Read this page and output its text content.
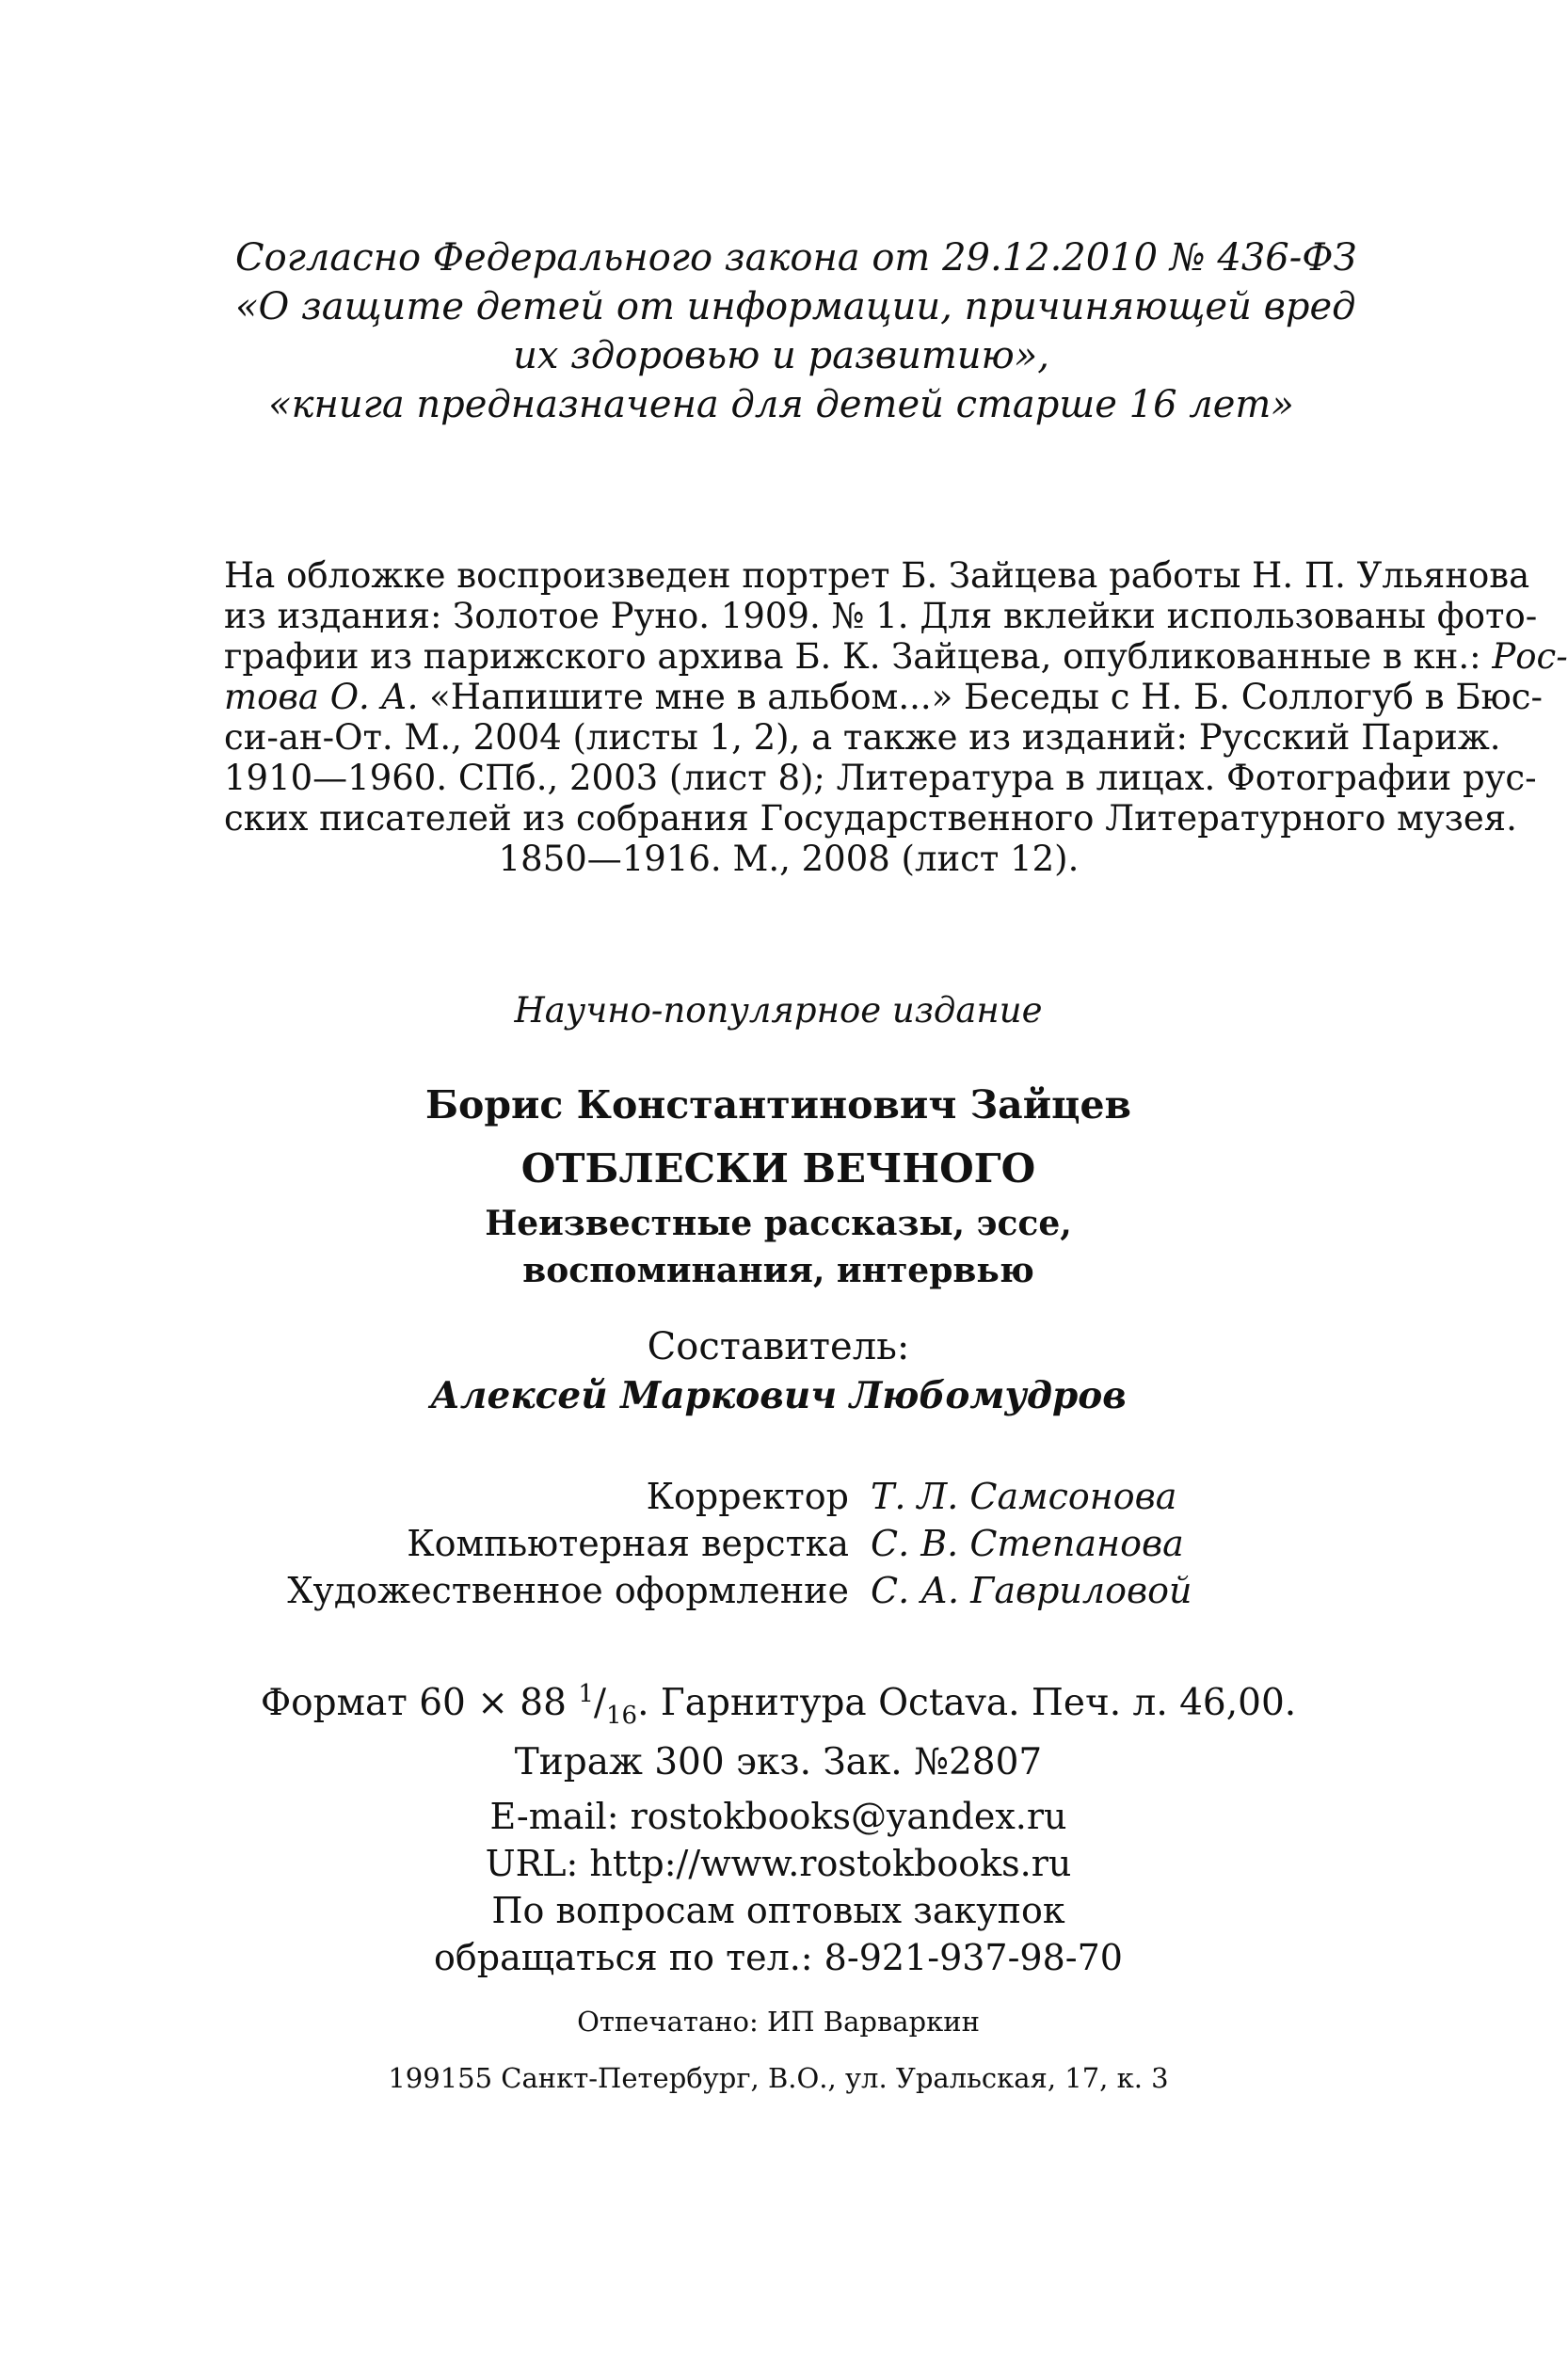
Согласно Федерального закона от 29.12.2010 № 436-ФЗ
«О защите детей от информации, причиняющей вред
их здоровью и развитию»,
«книга предназначена для детей старше 16 лет»
На обложке воспроизведен портрет Б. Зайцева работы Н. П. Ульянова
из издания: Золотое Руно. 1909. № 1. Для вклейки использованы фото-
графии из парижского архива Б. К. Зайцева, опубликованные в кн.: Рос-
това О. А. «Напишите мне в альбом...» Беседы с Н. Б. Соллогуб в Бюс-
си-ан-От. М., 2004 (листы 1, 2), а также из изданий: Русский Париж.
1910—1960. СПб., 2003 (лист 8); Литература в лицах. Фотографии рус-
ских писателей из собрания Государственного Литературного музея.
1850—1916. М., 2008 (лист 12).
Научно-популярное издание
Борис Константинович Зайцев
ОТБЛЕСКИ ВЕЧНОГО
Неизвестные рассказы, эссе,
воспоминания, интервью
Составитель:
Алексей Маркович Любомудров
Корректор Т. Л. Самсонова
Компьютерная верстка С. В. Степанова
Художественное оформление С. А. Гавриловой
Формат 60 × 88 $^1/_{16}$. Гарнитура Octava. Печ. л. 46,00.
Тираж 300 экз. Зак. №2807
E-mail: rostokbooks@yandex.ru
URL: http://www.rostokbooks.ru
По вопросам оптовых закупок
обращаться по тел.: 8-921-937-98-70
Отпечатано: ИП Варваркин
199155 Санкт-Петербург, В.О., ул. Уральская, 17, к. 3
